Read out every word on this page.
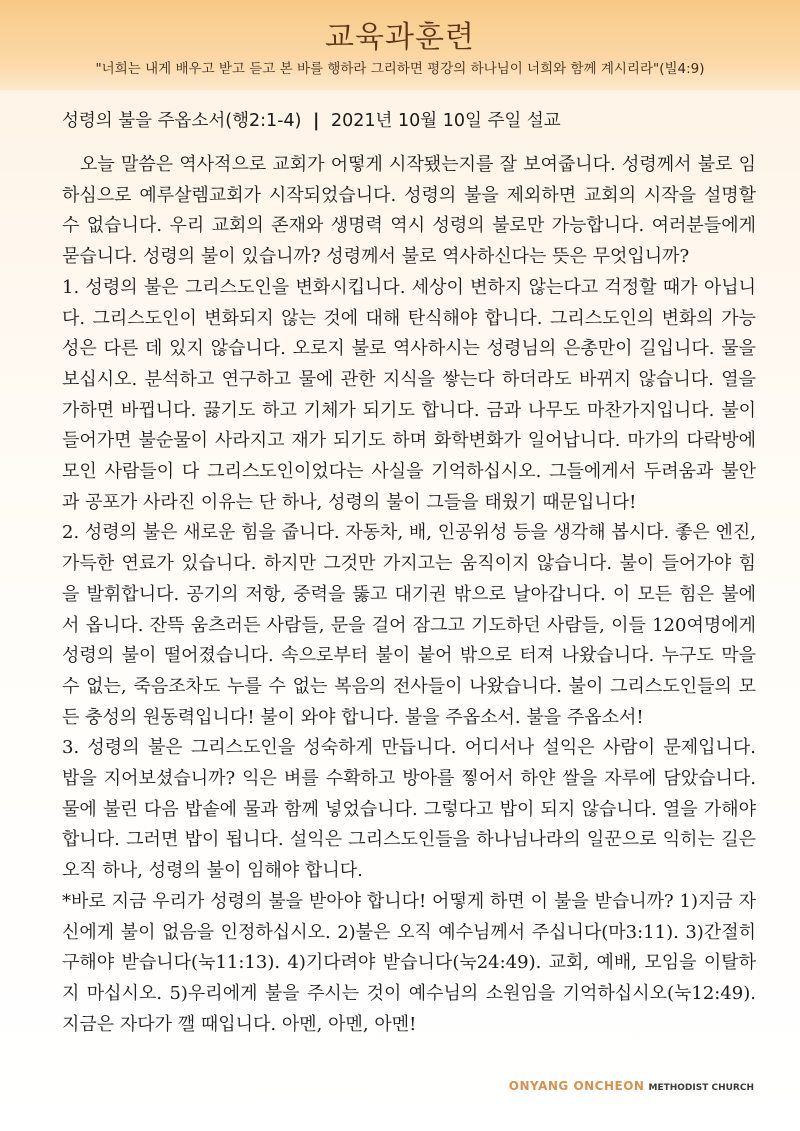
교육과훈련
"너희는 내게 배우고 받고 듣고 본 바를 행하라 그리하면 평강의 하나님이 너희와 함께 계시리라"(빌4:9)
성령의 불을 주옵소서(행2:1-4) | 2021년 10월 10일 주일 설교

오늘 말씀은 역사적으로 교회가 어떻게 시작됐는지를 잘 보여줍니다. 성령께서 불로 임하심으로 예루살렘교회가 시작되었습니다. 성령의 불을 제외하면 교회의 시작을 설명할 수 없습니다. 우리 교회의 존재와 생명력 역시 성령의 불로만 가능합니다. 여러분들에게 묻습니다. 성령의 불이 있습니까? 성령께서 불로 역사하신다는 뜻은 무엇입니까?

1. 성령의 불은 그리스도인을 변화시킵니다. 세상이 변하지 않는다고 걱정할 때가 아닙니다. 그리스도인이 변화되지 않는 것에 대해 탄식해야 합니다. 그리스도인의 변화의 가능성은 다른 데 있지 않습니다. 오로지 불로 역사하시는 성령님의 은총만이 길입니다. 물을 보십시오. 분석하고 연구하고 물에 관한 지식을 쌓는다 하더라도 바뀌지 않습니다. 열을 가하면 바뀝니다. 끓기도 하고 기체가 되기도 합니다. 금과 나무도 마찬가지입니다. 불이 들어가면 불순물이 사라지고 재가 되기도 하며 화학변화가 일어납니다. 마가의 다락방에 모인 사람들이 다 그리스도인이었다는 사실을 기억하십시오. 그들에게서 두려움과 불안과 공포가 사라진 이유는 단 하나, 성령의 불이 그들을 태웠기 때문입니다!

2. 성령의 불은 새로운 힘을 줍니다. 자동차, 배, 인공위성 등을 생각해 봅시다. 좋은 엔진, 가득한 연료가 있습니다. 하지만 그것만 가지고는 움직이지 않습니다. 불이 들어가야 힘을 발휘합니다. 공기의 저항, 중력을 뚫고 대기권 밖으로 날아갑니다. 이 모든 힘은 불에서 옵니다. 잔뜩 움츠러든 사람들, 문을 걸어 잠그고 기도하던 사람들, 이들 120여명에게 성령의 불이 떨어졌습니다. 속으로부터 불이 붙어 밖으로 터져 나왔습니다. 누구도 막을 수 없는, 죽음조차도 누를 수 없는 복음의 전사들이 나왔습니다. 불이 그리스도인들의 모든 충성의 원동력입니다! 불이 와야 합니다. 불을 주옵소서. 불을 주옵소서!

3. 성령의 불은 그리스도인을 성숙하게 만듭니다. 어디서나 설익은 사람이 문제입니다. 밥을 지어보셨습니까? 익은 벼를 수확하고 방아를 찧어서 하얀 쌀을 자루에 담았습니다. 물에 불린 다음 밥솥에 물과 함께 넣었습니다. 그렇다고 밥이 되지 않습니다. 열을 가해야 합니다. 그러면 밥이 됩니다. 설익은 그리스도인들을 하나님나라의 일꾼으로 익히는 길은 오직 하나, 성령의 불이 임해야 합니다.

*바로 지금 우리가 성령의 불을 받아야 합니다! 어떻게 하면 이 불을 받습니까? 1)지금 자신에게 불이 없음을 인정하십시오. 2)불은 오직 예수님께서 주십니다(마3:11). 3)간절히 구해야 받습니다(눅11:13). 4)기다려야 받습니다(눅24:49). 교회, 예배, 모임을 이탈하지 마십시오. 5)우리에게 불을 주시는 것이 예수님의 소원임을 기억하십시오(눅12:49). 지금은 자다가 깰 때입니다. 아멘, 아멘, 아멘!

ONYANG ONCHEON METHODIST CHURCH
